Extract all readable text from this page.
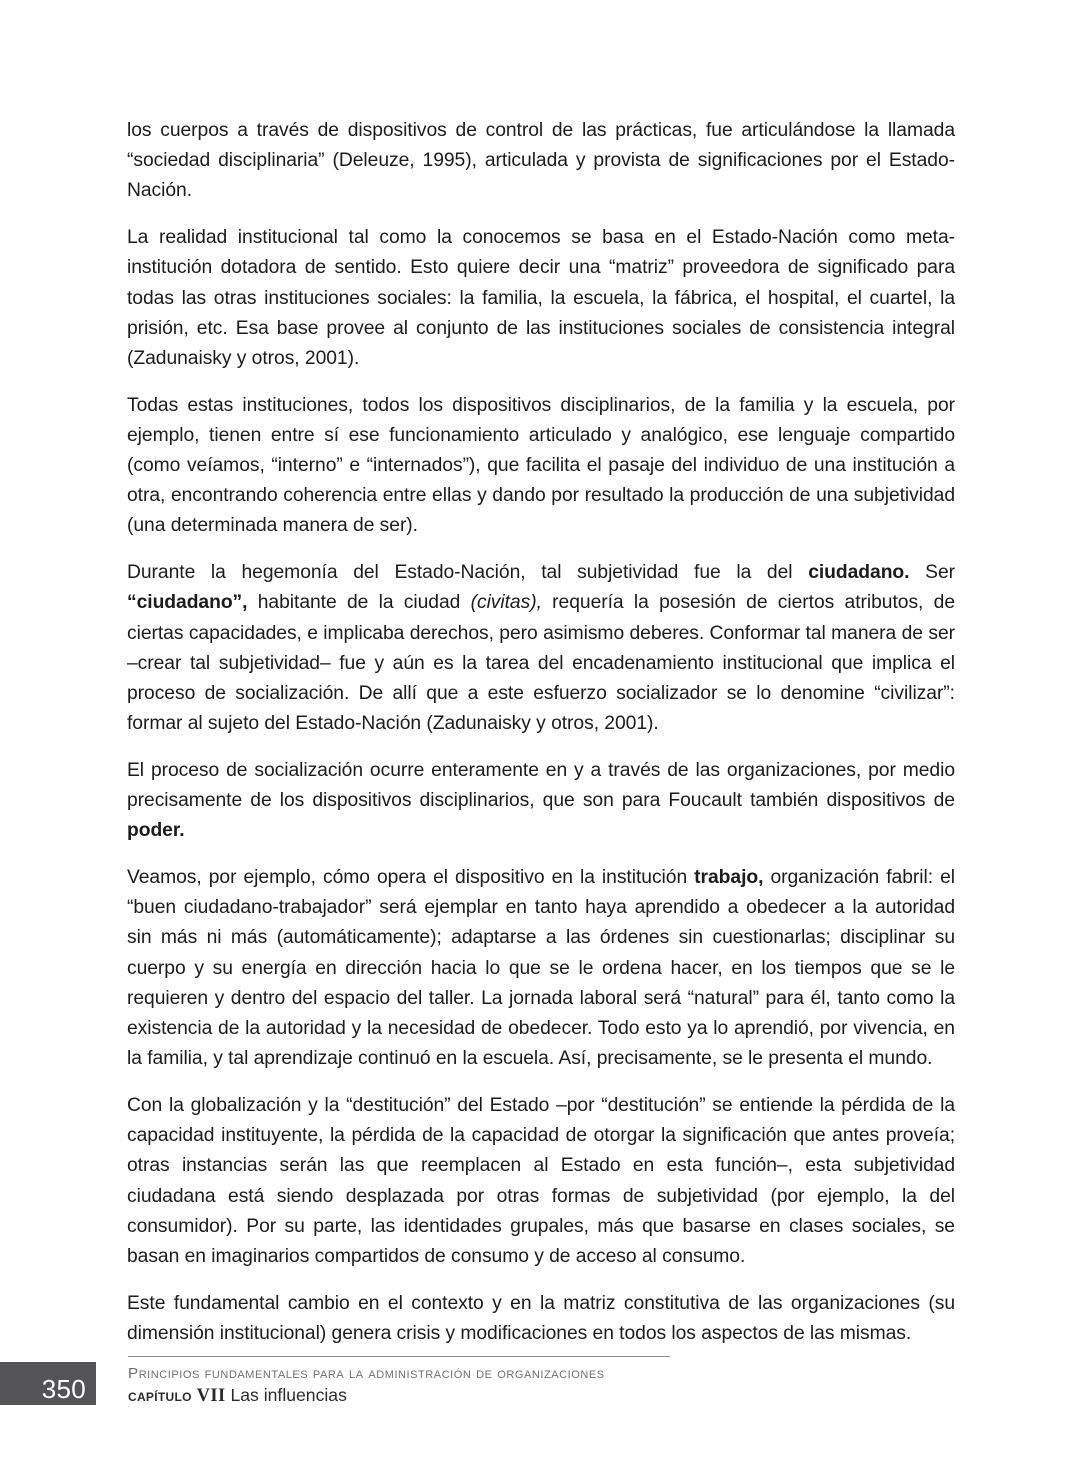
los cuerpos a través de dispositivos de control de las prácticas, fue articulándose la llamada “sociedad disciplinaria” (Deleuze, 1995), articulada y provista de significaciones por el Estado-Nación.

La realidad institucional tal como la conocemos se basa en el Estado-Nación como meta-institución dotadora de sentido. Esto quiere decir una “matriz” proveedora de significado para todas las otras instituciones sociales: la familia, la escuela, la fábrica, el hospital, el cuartel, la prisión, etc. Esa base provee al conjunto de las instituciones sociales de consistencia integral (Zadunaisky y otros, 2001).

Todas estas instituciones, todos los dispositivos disciplinarios, de la familia y la escuela, por ejemplo, tienen entre sí ese funcionamiento articulado y analógico, ese lenguaje compartido (como veíamos, “interno” e “internados”), que facilita el pasaje del individuo de una institución a otra, encontrando coherencia entre ellas y dando por resultado la producción de una subjetividad (una determinada manera de ser).

Durante la hegemonía del Estado-Nación, tal subjetividad fue la del ciudadano. Ser “ciudadano”, habitante de la ciudad (civitas), requería la posesión de ciertos atributos, de ciertas capacidades, e implicaba derechos, pero asimismo deberes. Conformar tal manera de ser –crear tal subjetividad– fue y aún es la tarea del encadenamiento institucional que implica el proceso de socialización. De allí que a este esfuerzo socializador se lo denomine “civilizar”: formar al sujeto del Estado-Nación (Zadunaisky y otros, 2001).

El proceso de socialización ocurre enteramente en y a través de las organizaciones, por medio precisamente de los dispositivos disciplinarios, que son para Foucault también dispositivos de poder.

Veamos, por ejemplo, cómo opera el dispositivo en la institución trabajo, organización fabril: el “buen ciudadano-trabajador” será ejemplar en tanto haya aprendido a obedecer a la autoridad sin más ni más (automáticamente); adaptarse a las órdenes sin cuestionarlas; disciplinar su cuerpo y su energía en dirección hacia lo que se le ordena hacer, en los tiempos que se le requieren y dentro del espacio del taller. La jornada laboral será “natural” para él, tanto como la existencia de la autoridad y la necesidad de obedecer. Todo esto ya lo aprendió, por vivencia, en la familia, y tal aprendizaje continuó en la escuela. Así, precisamente, se le presenta el mundo.

Con la globalización y la “destitución” del Estado –por “destitución” se entiende la pérdida de la capacidad instituyente, la pérdida de la capacidad de otorgar la significación que antes proveía; otras instancias serán las que reemplacen al Estado en esta función–, esta subjetividad ciudadana está siendo desplazada por otras formas de subjetividad (por ejemplo, la del consumidor). Por su parte, las identidades grupales, más que basarse en clases sociales, se basan en imaginarios compartidos de consumo y de acceso al consumo.

Este fundamental cambio en el contexto y en la matriz constitutiva de las organizaciones (su dimensión institucional) genera crisis y modificaciones en todos los aspectos de las mismas.

350
Principios fundamentales para la administración de organizaciones
capítulo VII Las influencias
